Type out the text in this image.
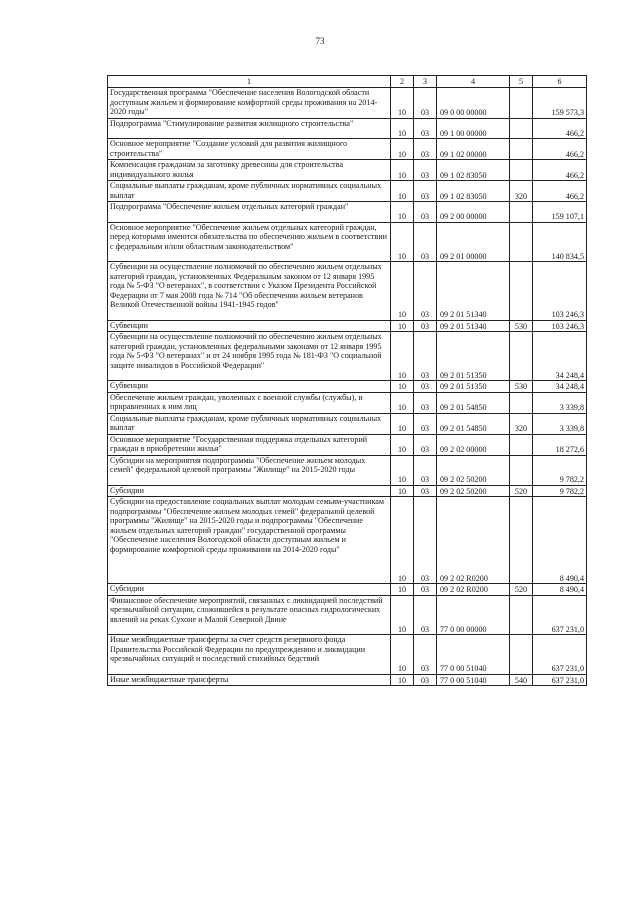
73
1	2	3	4	5	6
Государственная программа "Обеспечение населения Вологодской области доступным жильем и формирование комфортной среды проживания на 2014-2020 годы"	10	03	09 0 00 00000		159 573,3
Подпрограмма "Стимулирование развития жилищного строительства"	10	03	09 1 00 00000		466,2
Основное мероприятие "Создание условий для развития жилищного строительства"	10	03	09 1 02 00000		466,2
Компенсация гражданам за заготовку древесины для строительства индивидуального жилья	10	03	09 1 02 83050		466,2
Социальные выплаты гражданам, кроме публичных нормативных социальных выплат	10	03	09 1 02 83050	320	466,2
Подпрограмма "Обеспечение жильем отдельных категорий граждан"	10	03	09 2 00 00000		159 107,1
Основное мероприятие "Обеспечение жильем отдельных категорий граждан, перед которыми имеются обязательства по обеспечению жильем в соответствии с федеральным и/или областным законодательством"	10	03	09 2 01 00000		140 834,5
Субвенции на осуществление полномочий по обеспечению жильем отдельных категорий граждан, установленных Федеральным законом от 12 января 1995 года № 5-ФЗ "О ветеранах", в соответствии с Указом Президента Российской Федерации от 7 мая 2008 года № 714 "Об обеспечении жильем ветеранов Великой Отечественной войны 1941-1945 годов"	10	03	09 2 01 51340		103 246,3
Субвенции	10	03	09 2 01 51340	530	103 246,3
Субвенции на осуществление полномочий по обеспечению жильем отдельных категорий граждан, установленных федеральными законами от 12 января 1995 года № 5-ФЗ "О ветеранах" и от 24 ноября 1995 года № 181-ФЗ "О социальной защите инвалидов в Российской Федерации"	10	03	09 2 01 51350		34 248,4
Субвенции	10	03	09 2 01 51350	530	34 248,4
Обеспечение жильем граждан, уволенных с военной службы (службы), и приравненных к ним лиц	10	03	09 2 01 54850		3 339,8
Социальные выплаты гражданам, кроме публичных нормативных социальных выплат	10	03	09 2 01 54850	320	3 339,8
Основное мероприятие "Государственная поддержка отдельных категорий граждан в приобретении жилья"	10	03	09 2 02 00000		18 272,6
Субсидии на мероприятия подпрограммы "Обеспечение жильем молодых семей" федеральной целевой программы "Жилище" на 2015-2020 годы	10	03	09 2 02 50200		9 782,2
Субсидии	10	03	09 2 02 50200	520	9 782,2
Субсидии на предоставление социальных выплат молодым семьям-участникам подпрограммы "Обеспечение жильем молодых семей" федеральной целевой программы "Жилище" на 2015-2020 годы и подпрограммы "Обеспечение жильем отдельных категорий граждан" государственной программы "Обеспечение населения Вологодской области доступным жильем и формирование комфортной среды проживания на 2014-2020 годы"	10	03	09 2 02 R0200		8 490,4
Субсидии	10	03	09 2 02 R0200	520	8 490,4
Финансовое обеспечение мероприятий, связанных с ликвидацией последствий чрезвычайной ситуации, сложившейся в результате опасных гидрологических явлений на реках Сухоне и Малой Северной Двине	10	03	77 0 00 00000		637 231,0
Иные межбюджетные трансферты за счет средств резервного фонда Правительства Российской Федерации по предупреждению и ликвидации чрезвычайных ситуаций и последствий стихийных бедствий	10	03	77 0 00 51040		637 231,0
Иные межбюджетные трансферты	10	03	77 0 00 51040	540	637 231,0
